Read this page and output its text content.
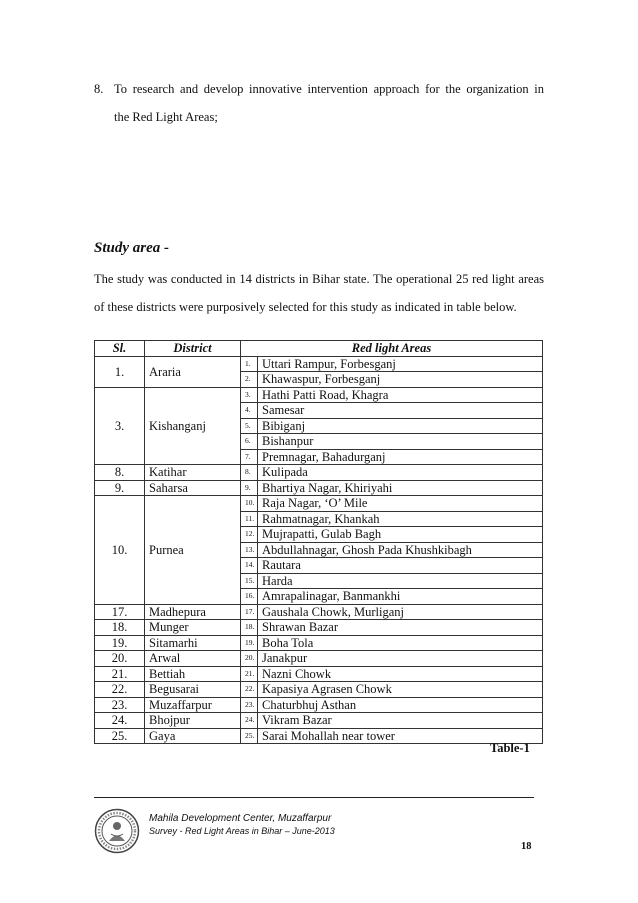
8. To research and develop innovative intervention approach for the organization in
the Red Light Areas;
Study area -
The study was conducted in 14 districts in Bihar state. The operational 25 red light areas of these districts were purposively selected for this study as indicated in table below.
Sl.	District	Red light Areas	
1.	Araria	1.	Uttari Rampur, Forbesganj
		2.	Khawaspur, Forbesganj
3.	Kishanganj	3.	Hathi Patti Road, Khagra
		4.	Samesar
		5.	Bibiganj
		6.	Bishanpur
		7.	Premnagar, Bahadurganj
8.	Katihar	8.	Kulipada
9.	Saharsa	9.	Bhartiya Nagar, Khiriyahi
10.	Purnea	10.	Raja Nagar, ‘O’ Mile
		11.	Rahmatnagar, Khankah
		12.	Mujrapatti, Gulab Bagh
		13.	Abdullahnagar, Ghosh Pada Khushkibagh
		14.	Rautara
		15.	Harda
		16.	Amrapalinagar, Banmankhi
17.	Madhepura	17.	Gaushala Chowk, Murliganj
18.	Munger	18.	Shrawan Bazar
19.	Sitamarhi	19.	Boha Tola
20.	Arwal	20.	Janakpur
21.	Bettiah	21.	Nazni Chowk
22.	Begusarai	22.	Kapasiya Agrasen Chowk
23.	Muzaffarpur	23.	Chaturbhuj Asthan
24.	Bhojpur	24.	Vikram Bazar
25.	Gaya	25.	Sarai Mohallah near tower
Table-1
Mahila Development Center, Muzaffarpur
Survey - Red Light Areas in Bihar – June-2013
18
